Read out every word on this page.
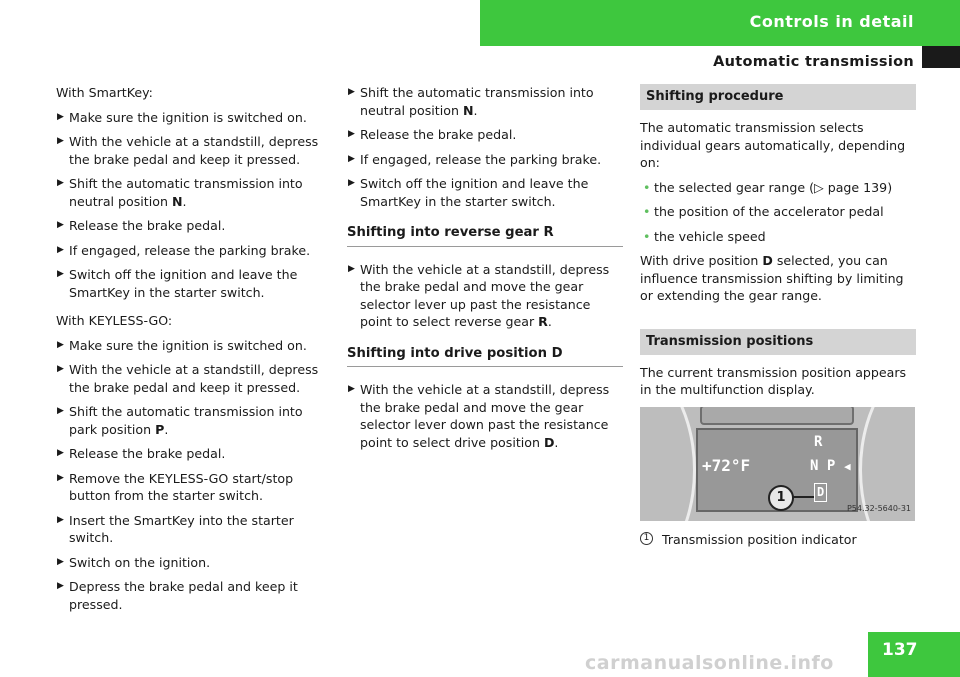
Controls in detail
Automatic transmission

With SmartKey:

▶ Make sure the ignition is switched on.
▶ With the vehicle at a standstill, depress the brake pedal and keep it pressed.
▶ Shift the automatic transmission into neutral position N.
▶ Release the brake pedal.
▶ If engaged, release the parking brake.
▶ Switch off the ignition and leave the SmartKey in the starter switch.

With KEYLESS-GO:

▶ Make sure the ignition is switched on.
▶ With the vehicle at a standstill, depress the brake pedal and keep it pressed.
▶ Shift the automatic transmission into park position P.
▶ Release the brake pedal.
▶ Remove the KEYLESS-GO start/stop button from the starter switch.
▶ Insert the SmartKey into the starter switch.
▶ Switch on the ignition.
▶ Depress the brake pedal and keep it pressed.
▶ Shift the automatic transmission into neutral position N.
▶ Release the brake pedal.
▶ If engaged, release the parking brake.
▶ Switch off the ignition and leave the SmartKey in the starter switch.
Shifting into reverse gear R
▶ With the vehicle at a standstill, depress the brake pedal and move the gear selector lever up past the resistance point to select reverse gear R.
Shifting into drive position D
▶ With the vehicle at a standstill, depress the brake pedal and move the gear selector lever down past the resistance point to select drive position D.
Shifting procedure

The automatic transmission selects individual gears automatically, depending on:

• the selected gear range (▷ page 139)
• the position of the accelerator pedal
• the vehicle speed

With drive position D selected, you can influence transmission shifting by limiting or extending the gear range.

Transmission positions

The current transmission position appears in the multifunction display.

+72°F
R
N P ◀
D
1
P54.32-5640-31
1 Transmission position indicator
137
carmanualsonline.info
